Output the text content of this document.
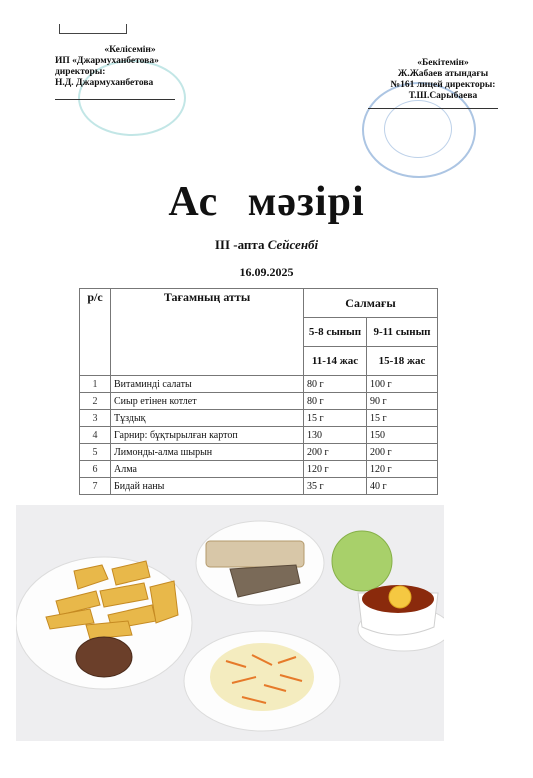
«Келісемін»
ИП «Джармуханбетова»
директоры:
Н.Д. Джармуханбетова
«Бекітемін»
Ж.Жабаев атындағы
№161 лицей директоры:
Т.Ш.Сарыбаева
Ас мәзірі
III -апта Сейсенбі
16.09.2025
р/с	Тағамның атты	Салмағы	
		5-8 сынып	9-11 сынып
		11-14 жас	15-18 жас
1	Витаминді салаты	80 г	100 г
2	Сиыр етінен котлет	80 г	90 г
3	Тұздық	15 г	15 г
4	Гарнир: бұқтырылған картоп	130	150
5	Лимонды-алма шырын	200 г	200 г
6	Алма	120 г	120 г
7	Бидай наны	35 г	40 г
